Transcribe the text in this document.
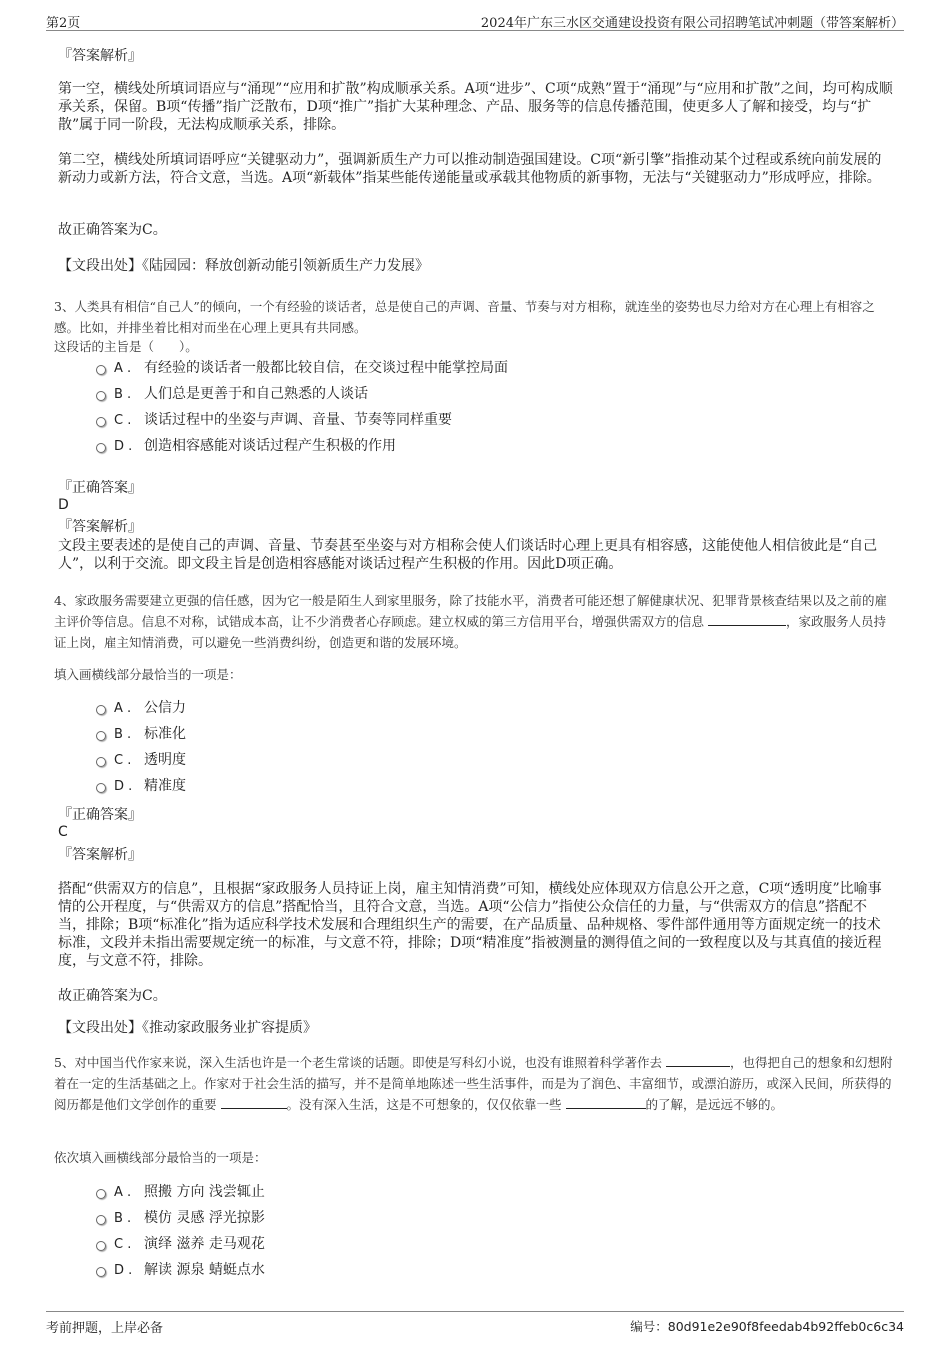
第2页	2024年广东三水区交通建设投资有限公司招聘笔试冲刺题（带答案解析）
『答案解析』
第一空，横线处所填词语应与“涌现”“应用和扩散”构成顺承关系。A项“进步”、C项“成熟”置于“涌现”与“应用和扩散”之间，均可构成顺承关系，保留。B项“传播”指广泛散布，D项“推广”指扩大某种理念、产品、服务等的信息传播范围，使更多人了解和接受，均与“扩散”属于同一阶段，无法构成顺承关系，排除。
第二空，横线处所填词语呼应“关键驱动力”，强调新质生产力可以推动制造强国建设。C项“新引擎”指推动某个过程或系统向前发展的新动力或新方法，符合文意，当选。A项“新载体”指某些能传递能量或承载其他物质的新事物，无法与“关键驱动力”形成呼应，排除。
故正确答案为C。
【文段出处】《陆园园：释放创新动能引领新质生产力发展》
3、人类具有相信“自己人”的倾向，一个有经验的谈话者，总是使自己的声调、音量、节奏与对方相称，就连坐的姿势也尽力给对方在心理上有相容之感。比如，并排坐着比相对而坐在心理上更具有共同感。
这段话的主旨是（　　）。
A . 有经验的谈话者一般都比较自信，在交谈过程中能掌控局面
B . 人们总是更善于和自己熟悉的人谈话
C . 谈话过程中的坐姿与声调、音量、节奏等同样重要
D . 创造相容感能对谈话过程产生积极的作用
『正确答案』
D
『答案解析』
文段主要表述的是使自己的声调、音量、节奏甚至坐姿与对方相称会使人们谈话时心理上更具有相容感，这能使他人相信彼此是“自己人”，以利于交流。即文段主旨是创造相容感能对谈话过程产生积极的作用。因此D项正确。
4、家政服务需要建立更强的信任感，因为它一般是陌生人到家里服务，除了技能水平，消费者可能还想了解健康状况、犯罪背景核查结果以及之前的雇主评价等信息。信息不对称，试错成本高，让不少消费者心存顾虑。建立权威的第三方信用平台，增强供需双方的信息	，家政服务人员持证上岗，雇主知情消费，可以避免一些消费纠纷，创造更和谐的发展环境。
填入画横线部分最恰当的一项是：
A . 公信力
B . 标准化
C . 透明度
D . 精准度
『正确答案』
C
『答案解析』
搭配“供需双方的信息”，且根据“家政服务人员持证上岗，雇主知情消费”可知，横线处应体现双方信息公开之意，C项“透明度”比喻事情的公开程度，与“供需双方的信息”搭配恰当，且符合文意，当选。A项“公信力”指使公众信任的力量，与“供需双方的信息”搭配不当，排除；B项“标准化”指为适应科学技术发展和合理组织生产的需要，在产品质量、品种规格、零件部件通用等方面规定统一的技术标准，文段并未指出需要规定统一的标准，与文意不符，排除；D项“精准度”指被测量的测得值之间的一致程度以及与其真值的接近程度，与文意不符，排除。
故正确答案为C。
【文段出处】《推动家政服务业扩容提质》
5、对中国当代作家来说，深入生活也许是一个老生常谈的话题。即使是写科幻小说，也没有谁照着科学著作去	，也得把自己的想象和幻想附着在一定的生活基础之上。作家对于社会生活的描写，并不是简单地陈述一些生活事件，而是为了润色、丰富细节，或漂泊游历，或深入民间，所获得的阅历都是他们文学创作的重要	。没有深入生活，这是不可想象的，仅仅依靠一些	的了解，是远远不够的。
依次填入画横线部分最恰当的一项是：
A . 照搬 方向 浅尝辄止
B . 模仿 灵感 浮光掠影
C . 演绎 滋养 走马观花
D . 解读 源泉 蜻蜓点水
考前押题，上岸必备	编号：80d91e2e90f8feedab4b92ffeb0c6c34
